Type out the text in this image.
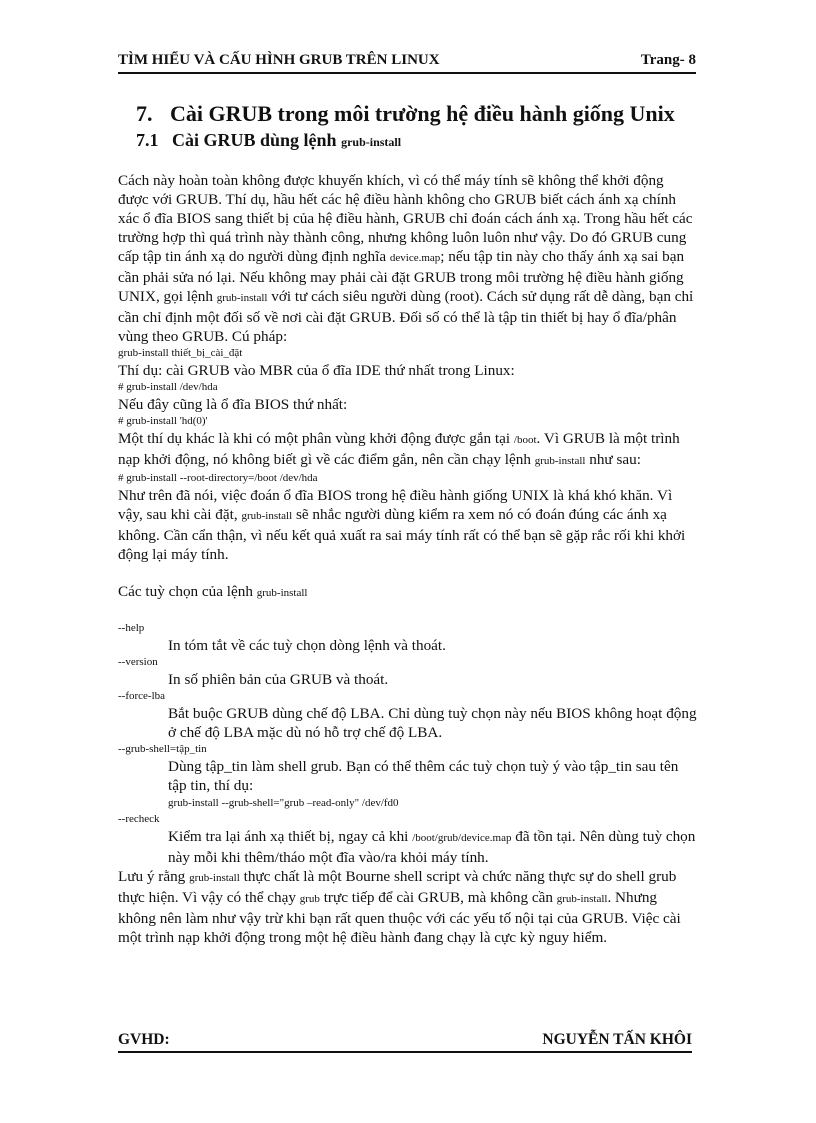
TÌM HIỂU VÀ CẤU HÌNH GRUB TRÊN LINUX	Trang- 8
7. Cài GRUB trong môi trường hệ điều hành giống Unix
7.1 Cài GRUB dùng lệnh grub-install

Cách này hoàn toàn không được khuyến khích, vì có thể máy tính sẽ không thể khởi động được với GRUB. Thí dụ, hầu hết các hệ điều hành không cho GRUB biết cách ánh xạ chính xác ổ đĩa BIOS sang thiết bị của hệ điều hành, GRUB chỉ đoán cách ánh xạ. Trong hầu hết các trường hợp thì quá trình này thành công, nhưng không luôn luôn như vậy. Do đó GRUB cung cấp tập tin ánh xạ do người dùng định nghĩa device.map; nếu tập tin này cho thấy ánh xạ sai bạn cần phải sửa nó lại. Nếu không may phải cài đặt GRUB trong môi trường hệ điều hành giống UNIX, gọi lệnh grub-install với tư cách siêu người dùng (root). Cách sử dụng rất dễ dàng, bạn chỉ cần chỉ định một đối số về nơi cài đặt GRUB. Đối số có thể là tập tin thiết bị hay ổ đĩa/phân vùng theo GRUB. Cú pháp:

grub-install thiết_bị_cài_đặt

Thí dụ: cài GRUB vào MBR của ổ đĩa IDE thứ nhất trong Linux:

# grub-install /dev/hda

Nếu đây cũng là ổ đĩa BIOS thứ nhất:

# grub-install 'hd(0)'

Một thí dụ khác là khi có một phân vùng khởi động được gắn tại /boot. Vì GRUB là một trình nạp khởi động, nó không biết gì về các điểm gắn, nên cần chạy lệnh grub-install như sau:

# grub-install --root-directory=/boot /dev/hda

Như trên đã nói, việc đoán ổ đĩa BIOS trong hệ điều hành giống UNIX là khá khó khăn. Vì vậy, sau khi cài đặt, grub-install sẽ nhắc người dùng kiểm ra xem nó có đoán đúng các ánh xạ không. Cần cẩn thận, vì nếu kết quả xuất ra sai máy tính rất có thể bạn sẽ gặp rắc rối khi khởi động lại máy tính.

Các tuỳ chọn của lệnh grub-install

--help
In tóm tắt về các tuỳ chọn dòng lệnh và thoát.
--version
In số phiên bản của GRUB và thoát.
--force-lba
Bắt buộc GRUB dùng chế độ LBA. Chỉ dùng tuỳ chọn này nếu BIOS không hoạt động ở chế độ LBA mặc dù nó hỗ trợ chế độ LBA.
--grub-shell=tập_tin
Dùng tập_tin làm shell grub. Bạn có thể thêm các tuỳ chọn tuỳ ý vào tập_tin sau tên tập tin, thí dụ:
grub-install --grub-shell="grub –read-only" /dev/fd0
--recheck
Kiểm tra lại ánh xạ thiết bị, ngay cả khi /boot/grub/device.map đã tồn tại. Nên dùng tuỳ chọn này mỗi khi thêm/tháo một đĩa vào/ra khỏi máy tính.

Lưu ý rằng grub-install thực chất là một Bourne shell script và chức năng thực sự do shell grub thực hiện. Vì vậy có thể chạy grub trực tiếp để cài GRUB, mà không cần grub-install. Nhưng không nên làm như vậy trừ khi bạn rất quen thuộc với các yếu tố nội tại của GRUB. Việc cài một trình nạp khởi động trong một hệ điều hành đang chạy là cực kỳ nguy hiểm.

GVHD:	NGUYỄN TẤN KHÔI
